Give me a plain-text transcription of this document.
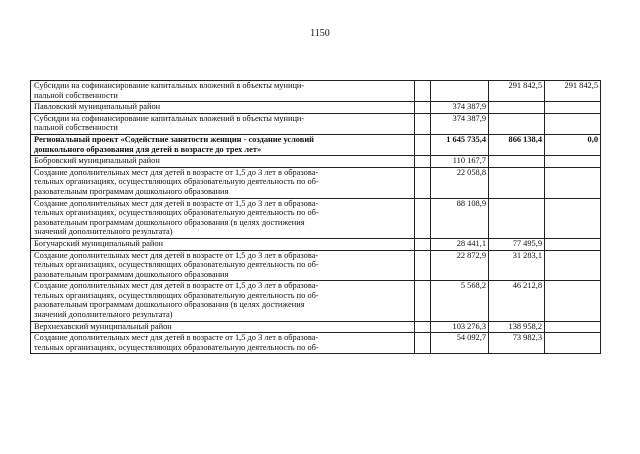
1150
Субсидии на софинансирование капитальных вложений в объекты муници-
пальной собственности			291 842,5	291 842,5
Павловский муниципальный район		374 387,9		
Субсидии на софинансирование капитальных вложений в объекты муници-
пальной собственности		374 387,9		
Региональный проект «Содействие занятости женщин - создание условий
дошкольного образования для детей в возрасте до трех лет»		1 645 735,4	866 138,4	0,0
Бобровский муниципальный район		110 167,7		
Создание дополнительных мест для детей в возрасте от 1,5 до 3 лет в образова-
тельных организациях, осуществляющих образовательную деятельность по об-
разовательным программам дошкольного образования		22 058,8		
Создание дополнительных мест для детей в возрасте от 1,5 до 3 лет в образова-
тельных организациях, осуществляющих образовательную деятельность по об-
разовательным программам дошкольного образования (в целях достижения
значений дополнительного результата)		88 108,9		
Богучарский муниципальный район		28 441,1	77 495,9	
Создание дополнительных мест для детей в возрасте от 1,5 до 3 лет в образова-
тельных организациях, осуществляющих образовательную деятельность по об-
разовательным программам дошкольного образования		22 872,9	31 283,1	
Создание дополнительных мест для детей в возрасте от 1,5 до 3 лет в образова-
тельных организациях, осуществляющих образовательную деятельность по об-
разовательным программам дошкольного образования (в целях достижения
значений дополнительного результата)		5 568,2	46 212,8	
Верхнехавский муниципальный район		103 276,3	138 958,2	
Создание дополнительных мест для детей в возрасте от 1,5 до 3 лет в образова-
тельных организациях, осуществляющих образовательную деятельность по об-		54 092,7	73 982,3	
